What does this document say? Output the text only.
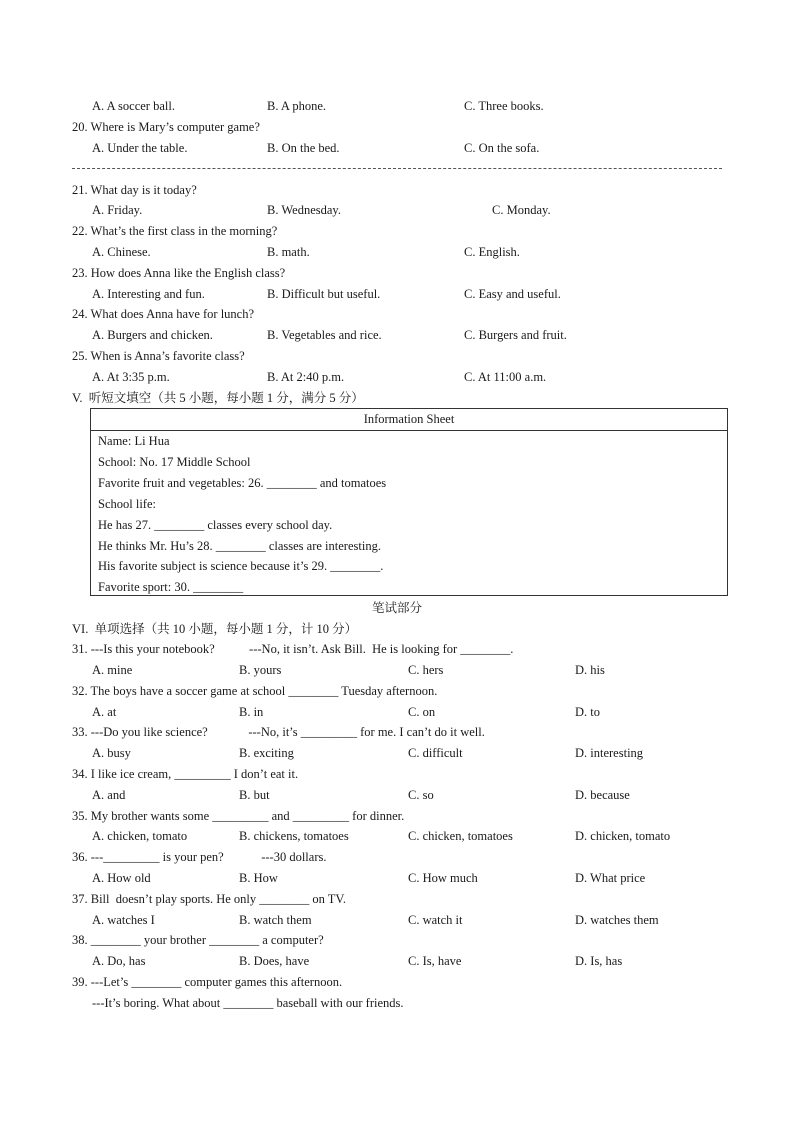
A. A soccer ball.	B. A phone.	C. Three books.
20. Where is Mary’s computer game?
A. Under the table.	B. On the bed.	C. On the sofa.
21. What day is it today?
A. Friday.	B. Wednesday.	C. Monday.
22. What’s the first class in the morning?
A. Chinese.	B. math.	C. English.
23. How does Anna like the English class?
A. Interesting and fun.	B. Difficult but useful.	C. Easy and useful.
24. What does Anna have for lunch?
A. Burgers and chicken.	B. Vegetables and rice.	C. Burgers and fruit.
25. When is Anna’s favorite class?
A. At 3:35 p.m.	B. At 2:40 p.m.	C. At 11:00 a.m.
V.  听短文填空（共 5 小题，每小题 1 分，满分 5 分）
Information Sheet
Name: Li Hua
School: No. 17 Middle School
Favorite fruit and vegetables: 26. ________ and tomatoes
School life:
He has 27. ________ classes every school day.
He thinks Mr. Hu’s 28. ________ classes are interesting.
His favorite subject is science because it’s 29. ________.
Favorite sport: 30. ________
笔试部分
VI.  单项选择（共 10 小题，每小题 1 分，计 10 分）
31. ---Is this your notebook?           ---No, it isn’t. Ask Bill.  He is looking for ________.
A. mine	B. yours	C. hers	D. his
32. The boys have a soccer game at school ________ Tuesday afternoon.
A. at	B. in	C. on	D. to
33. ---Do you like science?             ---No, it’s _________ for me. I can’t do it well.
A. busy	B. exciting	C. difficult	D. interesting
34. I like ice cream, _________ I don’t eat it.
A. and	B. but	C. so	D. because
35. My brother wants some _________ and _________ for dinner.
A. chicken, tomato	B. chickens, tomatoes	C. chicken, tomatoes	D. chicken, tomato
36. ---_________ is your pen?            ---30 dollars.
A. How old	B. How	C. How much	D. What price
37. Bill  doesn’t play sports. He only ________ on TV.
A. watches I	B. watch them	C. watch it	D. watches them
38. ________ your brother ________ a computer?
A. Do, has	B. Does, have	C. Is, have	D. Is, has
39. ---Let’s ________ computer games this afternoon.
---It’s boring. What about ________ baseball with our friends.
